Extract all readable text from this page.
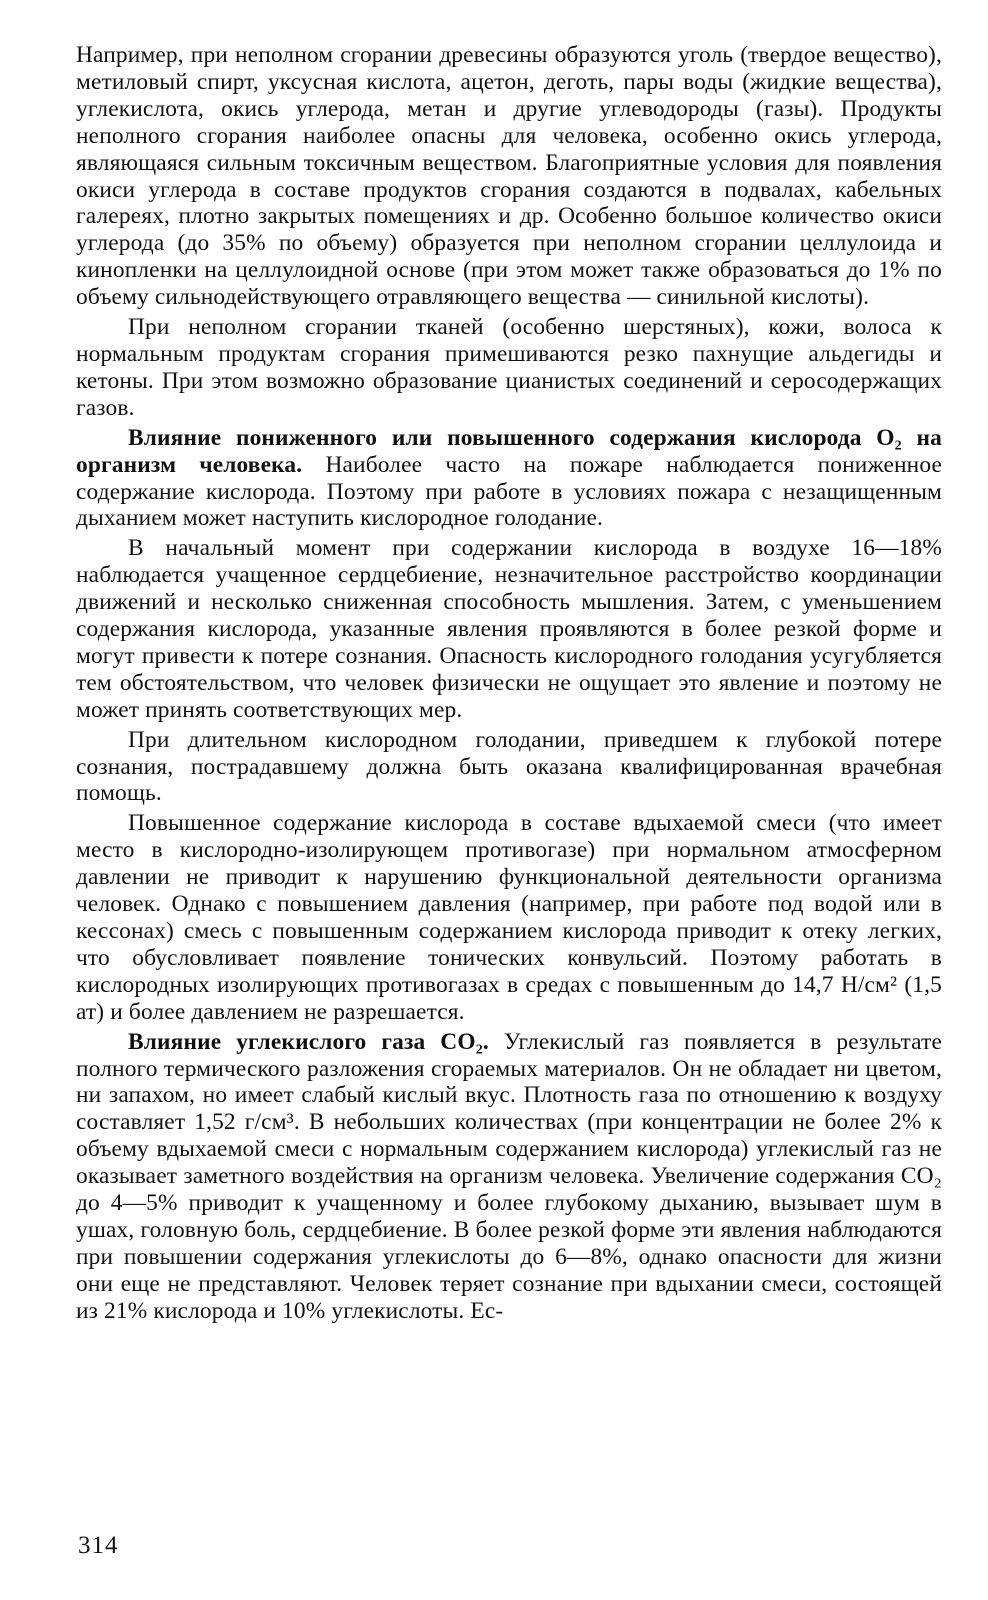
Например, при неполном сгорании древесины образуются уголь (твердое вещество), метиловый спирт, уксусная кислота, ацетон, деготь, пары воды (жидкие вещества), углекислота, окись углерода, метан и другие углеводороды (газы). Продукты неполного сгорания наиболее опасны для человека, особенно окись углерода, являющаяся сильным токсичным веществом. Благоприятные условия для появления окиси углерода в составе продуктов сгорания создаются в подвалах, кабельных галереях, плотно закрытых помещениях и др. Особенно большое количество окиси углерода (до 35% по объему) образуется при неполном сгорании целлулоида и кинопленки на целлулоидной основе (при этом может также образоваться до 1% по объему сильнодействующего отравляющего вещества — синильной кислоты).

При неполном сгорании тканей (особенно шерстяных), кожи, волоса к нормальным продуктам сгорания примешиваются резко пахнущие альдегиды и кетоны. При этом возможно образование цианистых соединений и серосодержащих газов.

Влияние пониженного или повышенного содержания кислорода O₂ на организм человека. Наиболее часто на пожаре наблюдается пониженное содержание кислорода. Поэтому при работе в условиях пожара с незащищенным дыханием может наступить кислородное голодание.

В начальный момент при содержании кислорода в воздухе 16—18% наблюдается учащенное сердцебиение, незначительное расстройство координации движений и несколько сниженная способность мышления. Затем, с уменьшением содержания кислорода, указанные явления проявляются в более резкой форме и могут привести к потере сознания. Опасность кислородного голодания усугубляется тем обстоятельством, что человек физически не ощущает это явление и поэтому не может принять соответствующих мер.

При длительном кислородном голодании, приведшем к глубокой потере сознания, пострадавшему должна быть оказана квалифицированная врачебная помощь.

Повышенное содержание кислорода в составе вдыхаемой смеси (что имеет место в кислородно-изолирующем противогазе) при нормальном атмосферном давлении не приводит к нарушению функциональной деятельности организма человек. Однако с повышением давления (например, при работе под водой или в кессонах) смесь с повышенным содержанием кислорода приводит к отеку легких, что обусловливает появление тонических конвульсий. Поэтому работать в кислородных изолирующих противогазах в средах с повышенным до 14,7 Н/см² (1,5 ат) и более давлением не разрешается.

Влияние углекислого газа CO₂. Углекислый газ появляется в результате полного термического разложения сгораемых материалов. Он не обладает ни цветом, ни запахом, но имеет слабый кислый вкус. Плотность газа по отношению к воздуху составляет 1,52 г/см³. В небольших количествах (при концентрации не более 2% к объему вдыхаемой смеси с нормальным содержанием кислорода) углекислый газ не оказывает заметного воздействия на организм человека. Увеличение содержания CO₂ до 4—5% приводит к учащенному и более глубокому дыханию, вызывает шум в ушах, головную боль, сердцебиение. В более резкой форме эти явления наблюдаются при повышении содержания углекислоты до 6—8%, однако опасности для жизни они еще не представляют. Человек теряет сознание при вдыхании смеси, состоящей из 21% кислорода и 10% углекислоты. Ес-

314
